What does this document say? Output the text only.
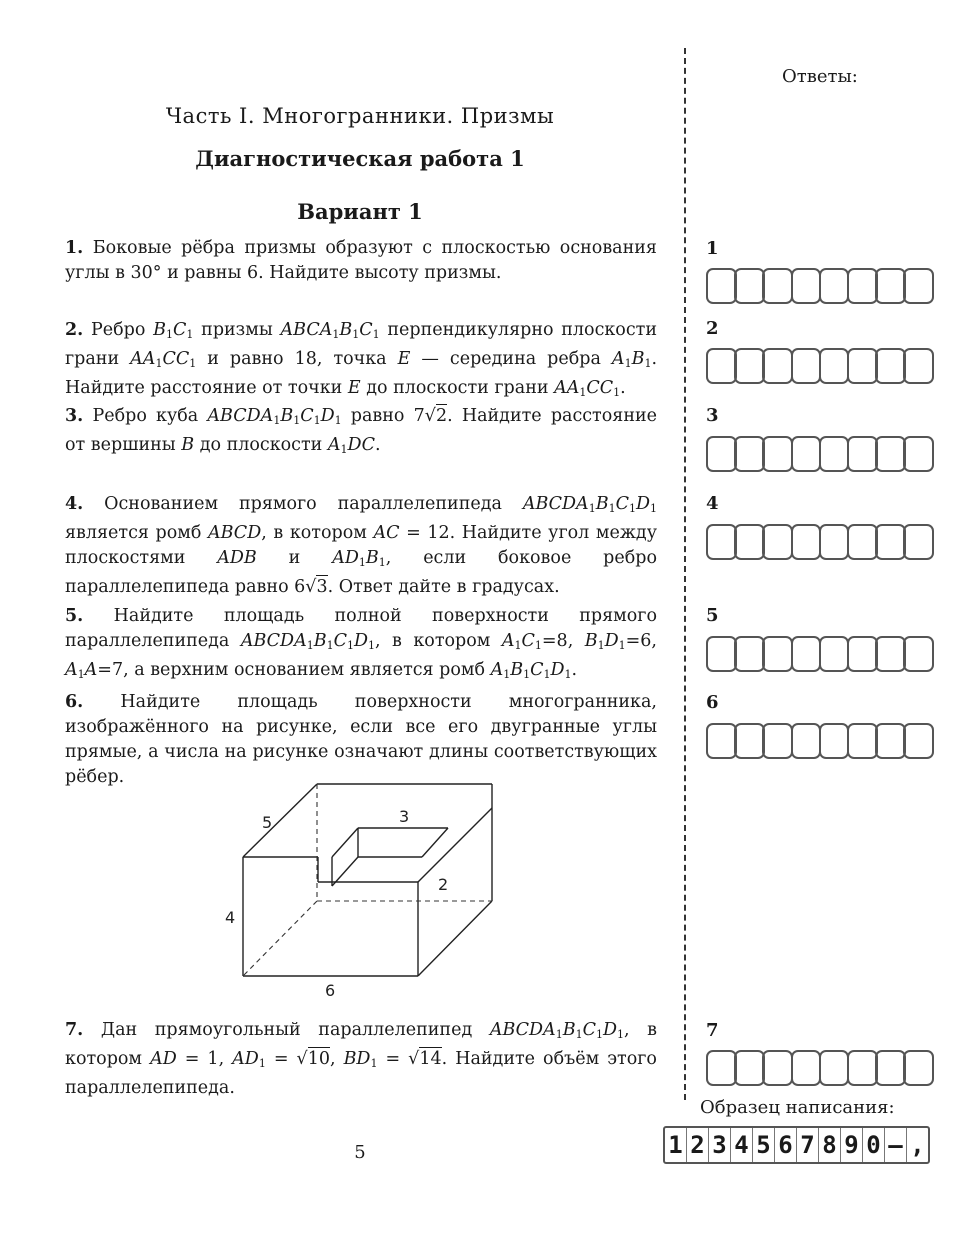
Часть I. Многогранники. Призмы
Диагностическая работа 1
Вариант 1
1. Боковые рёбра призмы образуют с плоскостью основания углы в 30° и равны 6. Найдите высоту призмы.
2. Ребро $B_1C_1$ призмы $ABCA_1B_1C_1$ перпендикулярно плоскости грани $AA_1CC_1$ и равно 18, точка E — середина ребра $A_1B_1$. Найдите расстояние от точки E до плоскости грани $AA_1CC_1$.
3. Ребро куба $ABCDA_1B_1C_1D_1$ равно 7√2. Найдите расстояние от вершины B до плоскости $A_1DC$.
4. Основанием прямого параллелепипеда $ABCDA_1B_1C_1D_1$ является ромб ABCD, в котором AC = 12. Найдите угол между плоскостями ADB и $AD_1B_1$, если боковое ребро параллелепипеда равно 6√3. Ответ дайте в градусах.
5. Найдите площадь полной поверхности прямого параллелепипеда $ABCDA_1B_1C_1D_1$, в котором $A_1C_1=8$, $B_1D_1=6$, $A_1A=7$, а верхним основанием является ромб $A_1B_1C_1D_1$.
6. Найдите площадь поверхности многогранника, изображённого на рисунке, если все его двугранные углы прямые, а числа на рисунке означают длины соответствующих рёбер.
5	3
2
4
6
7. Дан прямоугольный параллелепипед $ABCDA_1B_1C_1D_1$, в котором AD = 1, $AD_1 = √10$, $BD_1 = √14$. Найдите объём этого параллелепипеда.
5
Ответы:
1
2
3
4
5
6
7
Образец написания:
1 2 3 4 5 6 7 8 9 0 – ,
